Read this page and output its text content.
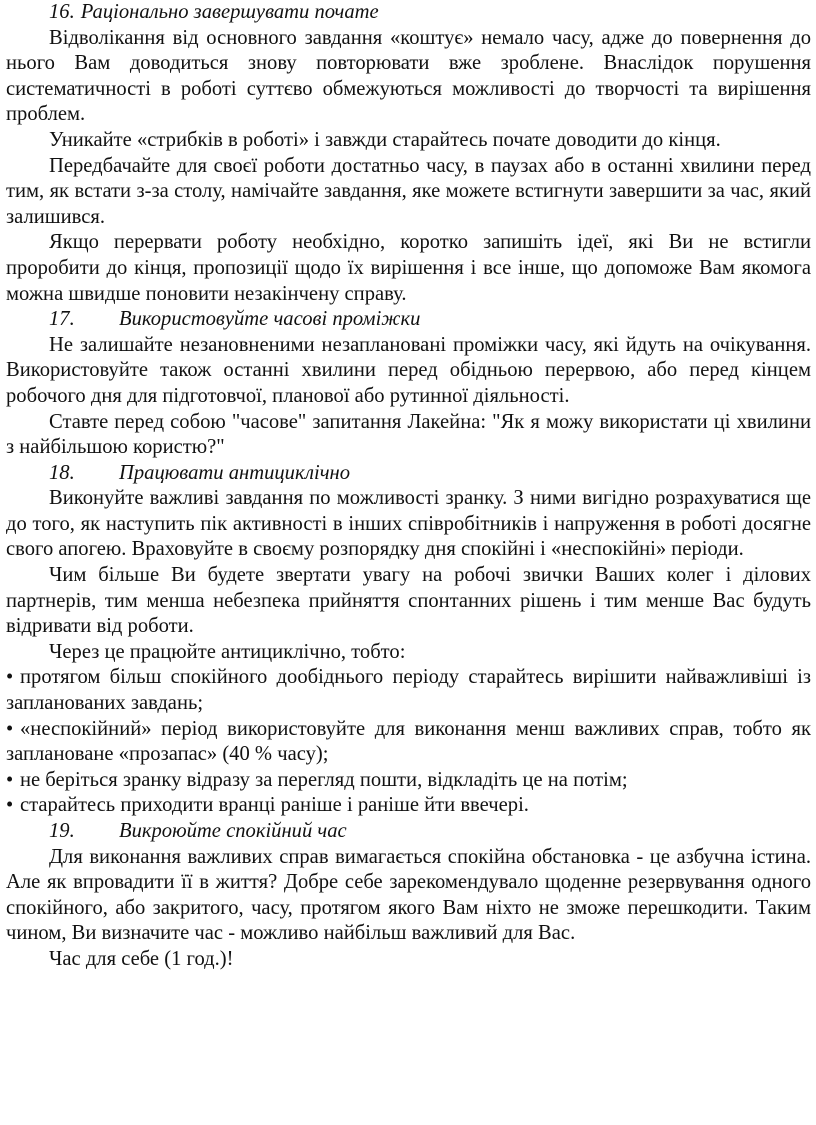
16. Раціонально завершувати почате

Відволікання від основного завдання «коштує» немало часу, адже до повернення до нього Вам доводиться знову повторювати вже зроблене. Внаслідок порушення систематичності в роботі суттєво обмежуються можливості до творчості та вирішення проблем.

Уникайте «стрибків в роботі» і завжди старайтесь почате доводити до кінця.

Передбачайте для своєї роботи достатньо часу, в паузах або в останні хвилини перед тим, як встати з-за столу, намічайте завдання, яке можете встигнути завершити за час, який залишився.

Якщо перервати роботу необхідно, коротко запишіть ідеї, які Ви не встигли проробити до кінця, пропозиції щодо їх вирішення і все інше, що допоможе Вам якомога можна швидше поновити незакінчену справу.

17. Використовуйте часові проміжки

Не залишайте незановненими незаплановані проміжки часу, які йдуть на очікування. Використовуйте також останні хвилини перед обідньою перервою, або перед кінцем робочого дня для підготовчої, планової або рутинної діяльності.

Ставте перед собою "часове" запитання Лакейна: "Як я можу використати ці хвилини з найбільшою користю?"

18. Працювати антициклічно

Виконуйте важливі завдання по можливості зранку. З ними вигідно розрахуватися ще до того, як наступить пік активності в інших співробітників і напруження в роботі досягне свого апогею. Враховуйте в своєму розпорядку дня спокійні і «неспокійні» періоди.

Чим більше Ви будете звертати увагу на робочі звички Ваших колег і ділових партнерів, тим менша небезпека прийняття спонтанних рішень і тим менше Вас будуть відривати від роботи.

Через це працюйте антициклічно, тобто:

• протягом більш спокійного дообіднього періоду старайтесь вирішити найважливіші із запланованих завдань;
• «неспокійний» період використовуйте для виконання менш важливих справ, тобто як заплановане «прозапас» (40 % часу);
• не беріться зранку відразу за перегляд пошти, відкладіть це на потім;
• старайтесь приходити вранці раніше і раніше йти ввечері.
19. Викроюйте спокійний час

Для виконання важливих справ вимагається спокійна обстановка - це азбучна істина. Але як впровадити її в життя? Добре себе зарекомендувало щоденне резервування одного спокійного, або закритого, часу, протягом якого Вам ніхто не зможе перешкодити. Таким чином, Ви визначите час - можливо найбільш важливий для Вас.

Час для себе (1 год.)!
